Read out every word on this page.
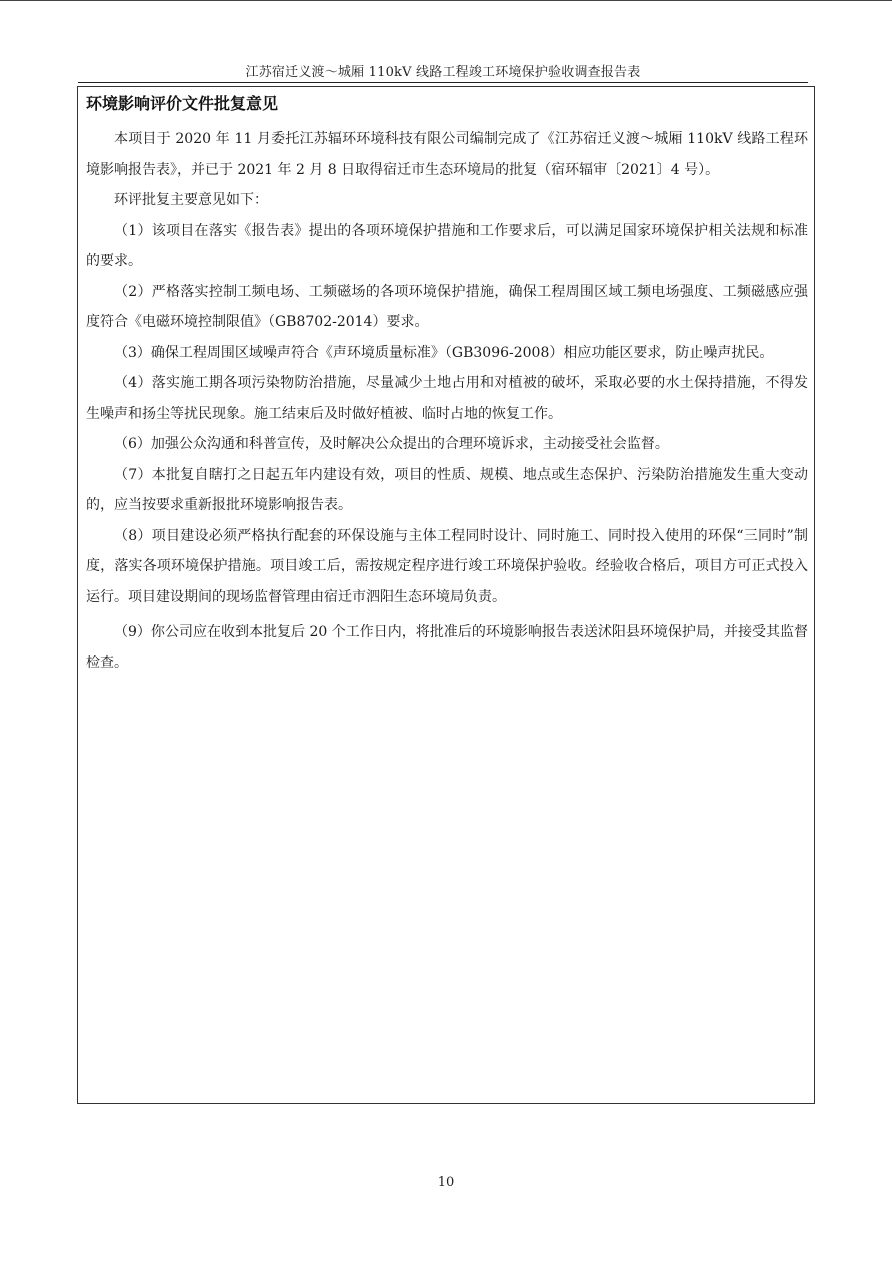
江苏宿迁义渡～城厢 110kV 线路工程竣工环境保护验收调查报告表
环境影响评价文件批复意见

本项目于 2020 年 11 月委托江苏辐环环境科技有限公司编制完成了《江苏宿迁义渡～城厢 110kV 线路工程环境影响报告表》，并已于 2021 年 2 月 8 日取得宿迁市生态环境局的批复（宿环辐审〔2021〕4 号）。

环评批复主要意见如下：

（1）该项目在落实《报告表》提出的各项环境保护措施和工作要求后，可以满足国家环境保护相关法规和标准的要求。

（2）严格落实控制工频电场、工频磁场的各项环境保护措施，确保工程周围区域工频电场强度、工频磁感应强度符合《电磁环境控制限值》（GB8702-2014）要求。

（3）确保工程周围区域噪声符合《声环境质量标准》（GB3096-2008）相应功能区要求，防止噪声扰民。

（4）落实施工期各项污染物防治措施，尽量减少土地占用和对植被的破坏，采取必要的水土保持措施，不得发生噪声和扬尘等扰民现象。施工结束后及时做好植被、临时占地的恢复工作。

（6）加强公众沟通和科普宣传，及时解决公众提出的合理环境诉求，主动接受社会监督。

（7）本批复自瞎打之日起五年内建设有效，项目的性质、规模、地点或生态保护、污染防治措施发生重大变动的，应当按要求重新报批环境影响报告表。

（8）项目建设必须严格执行配套的环保设施与主体工程同时设计、同时施工、同时投入使用的环保“三同时”制度，落实各项环境保护措施。项目竣工后，需按规定程序进行竣工环境保护验收。经验收合格后，项目方可正式投入运行。项目建设期间的现场监督管理由宿迁市泗阳生态环境局负责。

（9）你公司应在收到本批复后 20 个工作日内，将批准后的环境影响报告表送沭阳县环境保护局，并接受其监督检查。

10
